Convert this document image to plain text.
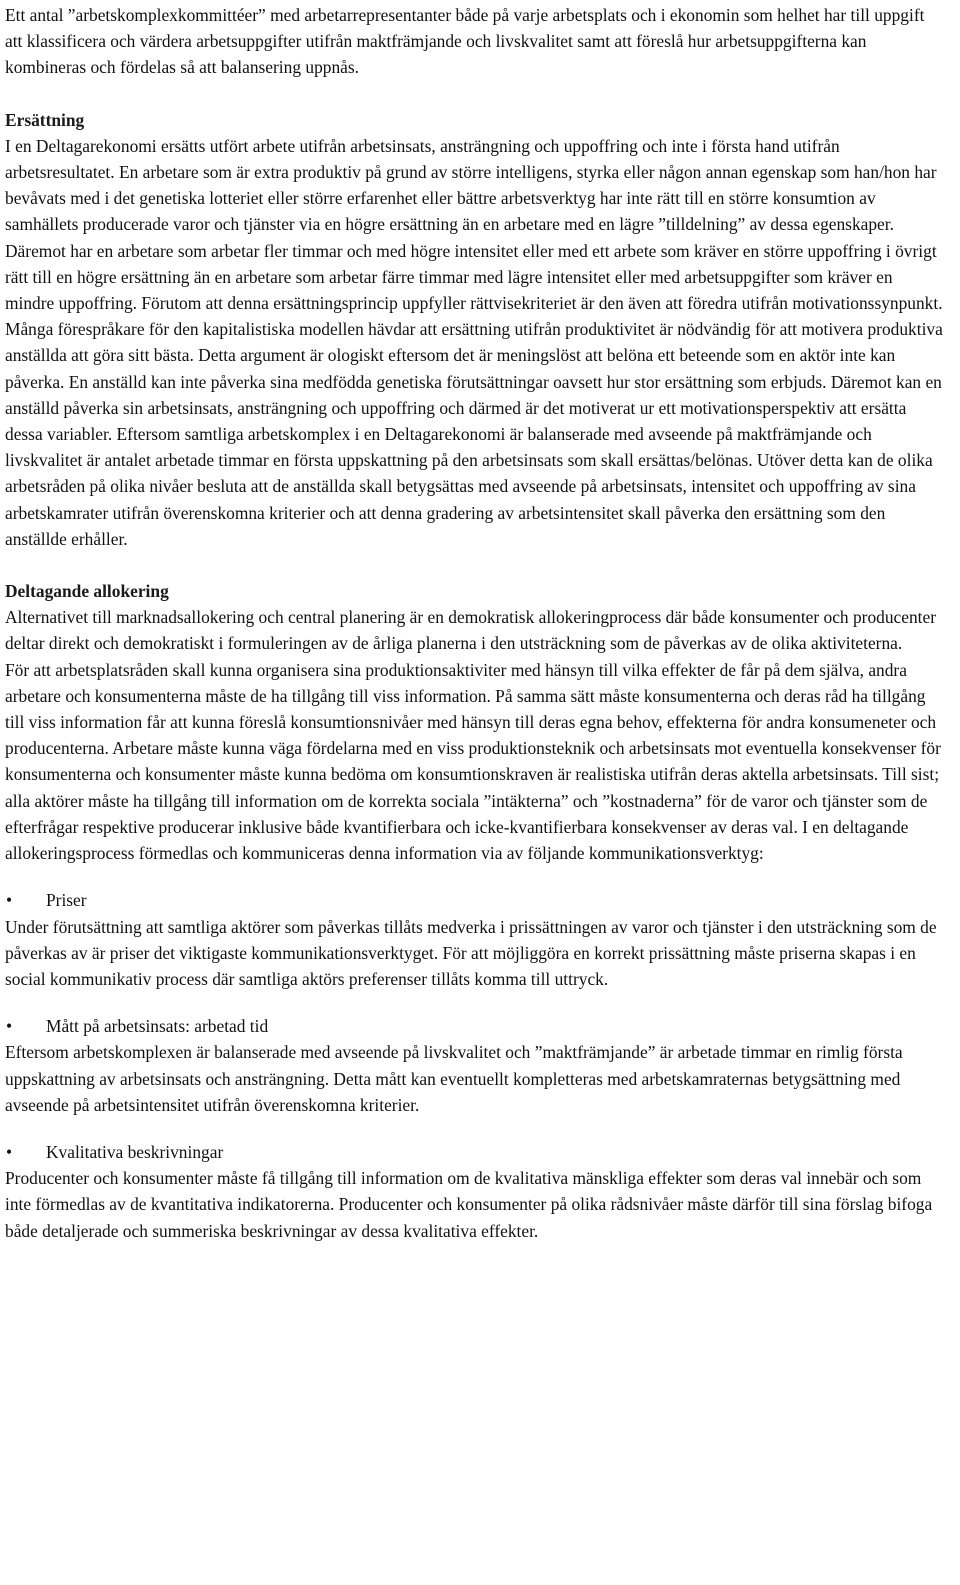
Ett antal ”arbetskomplexkommittéer” med arbetarrepresentanter både på varje arbetsplats och i ekonomin som helhet har till uppgift att klassificera och värdera arbetsuppgifter utifrån maktfrämjande och livskvalitet samt att föreslå hur arbetsuppgifterna kan kombineras och fördelas så att balansering uppnås.

Ersättning

I en Deltagarekonomi ersätts utfört arbete utifrån arbetsinsats, ansträngning och uppoffring och inte i första hand utifrån arbetsresultatet. En arbetare som är extra produktiv på grund av större intelligens, styrka eller någon annan egenskap som han/hon har bevåvats med i det genetiska lotteriet eller större erfarenhet eller bättre arbetsverktyg har inte rätt till en större konsumtion av samhällets producerade varor och tjänster via en högre ersättning än en arbetare med en lägre ”tilldelning” av dessa egenskaper. Däremot har en arbetare som arbetar fler timmar och med högre intensitet eller med ett arbete som kräver en större uppoffring i övrigt rätt till en högre ersättning än en arbetare som arbetar färre timmar med lägre intensitet eller med arbetsuppgifter som kräver en mindre uppoffring. Förutom att denna ersättningsprincip uppfyller rättvisekriteriet är den även att föredra utifrån motivationssynpunkt. Många förespråkare för den kapitalistiska modellen hävdar att ersättning utifrån produktivitet är nödvändig för att motivera produktiva anställda att göra sitt bästa. Detta argument är ologiskt eftersom det är meningslöst att belöna ett beteende som en aktör inte kan påverka. En anställd kan inte påverka sina medfödda genetiska förutsättningar oavsett hur stor ersättning som erbjuds. Däremot kan en anställd påverka sin arbetsinsats, ansträngning och uppoffring och därmed är det motiverat ur ett motivationsperspektiv att ersätta dessa variabler. Eftersom samtliga arbetskomplex i en Deltagarekonomi är balanserade med avseende på maktfrämjande och livskvalitet är antalet arbetade timmar en första uppskattning på den arbetsinsats som skall ersättas/belönas. Utöver detta kan de olika arbetsråden på olika nivåer besluta att de anställda skall betygsättas med avseende på arbetsinsats, intensitet och uppoffring av sina arbetskamrater utifrån överenskomna kriterier och att denna gradering av arbetsintensitet skall påverka den ersättning som den anställde erhåller.

Deltagande allokering

Alternativet till marknadsallokering och central planering är en demokratisk allokeringprocess där både konsumenter och producenter deltar direkt och demokratiskt i formuleringen av de årliga planerna i den utsträckning som de påverkas av de olika aktiviteterna.

För att arbetsplatsråden skall kunna organisera sina produktionsaktiviter med hänsyn till vilka effekter de får på dem själva, andra arbetare och konsumenterna måste de ha tillgång till viss information. På samma sätt måste konsumenterna och deras råd ha tillgång till viss information får att kunna föreslå konsumtionsnivåer med hänsyn till deras egna behov, effekterna för andra konsumeneter och producenterna. Arbetare måste kunna väga fördelarna med en viss produktionsteknik och arbetsinsats mot eventuella konsekvenser för konsumenterna och konsumenter måste kunna bedöma om konsumtionskraven är realistiska utifrån deras aktella arbetsinsats. Till sist; alla aktörer måste ha tillgång till information om de korrekta sociala ”intäkterna” och ”kostnaderna” för de varor och tjänster som de efterfrågar respektive producerar inklusive både kvantifierbara och icke-kvantifierbara konsekvenser av deras val. I en deltagande allokeringsprocess förmedlas och kommuniceras denna information via av följande kommunikationsverktyg:

•	Priser

Under förutsättning att samtliga aktörer som påverkas tillåts medverka i prissättningen av varor och tjänster i den utsträckning som de påverkas av är priser det viktigaste kommunikationsverktyget. För att möjliggöra en korrekt prissättning måste priserna skapas i en social kommunikativ process där samtliga aktörs preferenser tillåts komma till uttryck.

•	Mått på arbetsinsats: arbetad tid

Eftersom arbetskomplexen är balanserade med avseende på livskvalitet och ”maktfrämjande” är arbetade timmar en rimlig första uppskattning av arbetsinsats och ansträngning. Detta mått kan eventuellt kompletteras med arbetskamraternas betygsättning med avseende på arbetsintensitet utifrån överenskomna kriterier.

•	Kvalitativa beskrivningar

Producenter och konsumenter måste få tillgång till information om de kvalitativa mänskliga effekter som deras val innebär och som inte förmedlas av de kvantitativa indikatorerna. Producenter och konsumenter på olika rådsnivåer måste därför till sina förslag bifoga både detaljerade och summeriska beskrivningar av dessa kvalitativa effekter.
